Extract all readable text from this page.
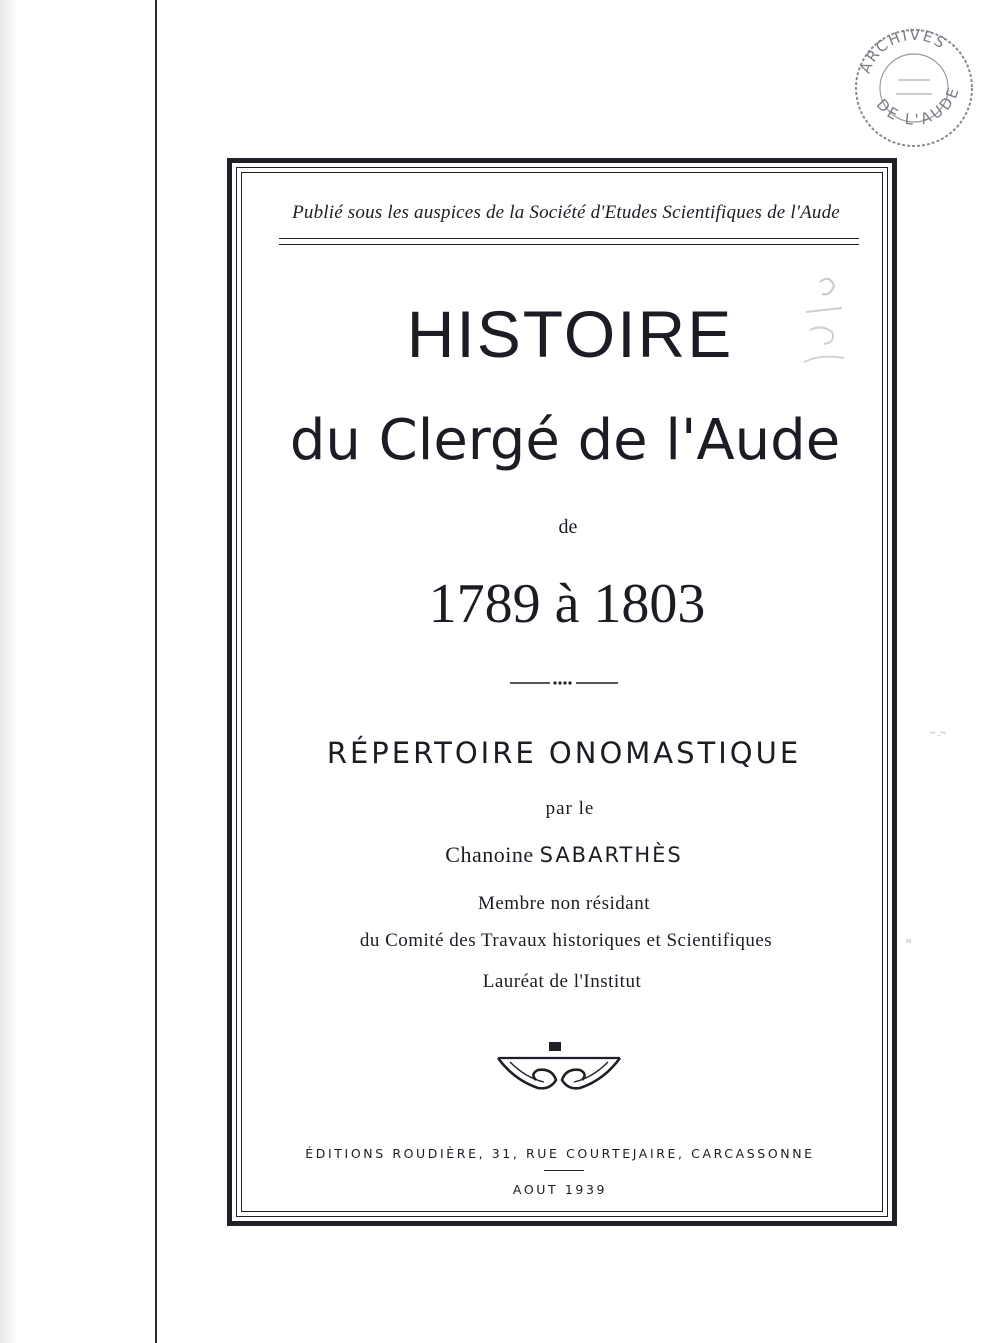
ARCHIVES
DE L'AUDE
~ .~
≈
Publié sous les auspices de la Société d'Etudes Scientifiques de l'Aude
HISTOIRE
du Clergé de l'Aude
de
1789 à 1803
RÉPERTOIRE ONOMASTIQUE
par le
Chanoine SABARTHÈS
Membre non résidant
du Comité des Travaux historiques et Scientifiques
Lauréat de l'Institut
ÉDITIONS ROUDIÈRE, 31, RUE COURTEJAIRE, CARCASSONNE
AOUT 1939
